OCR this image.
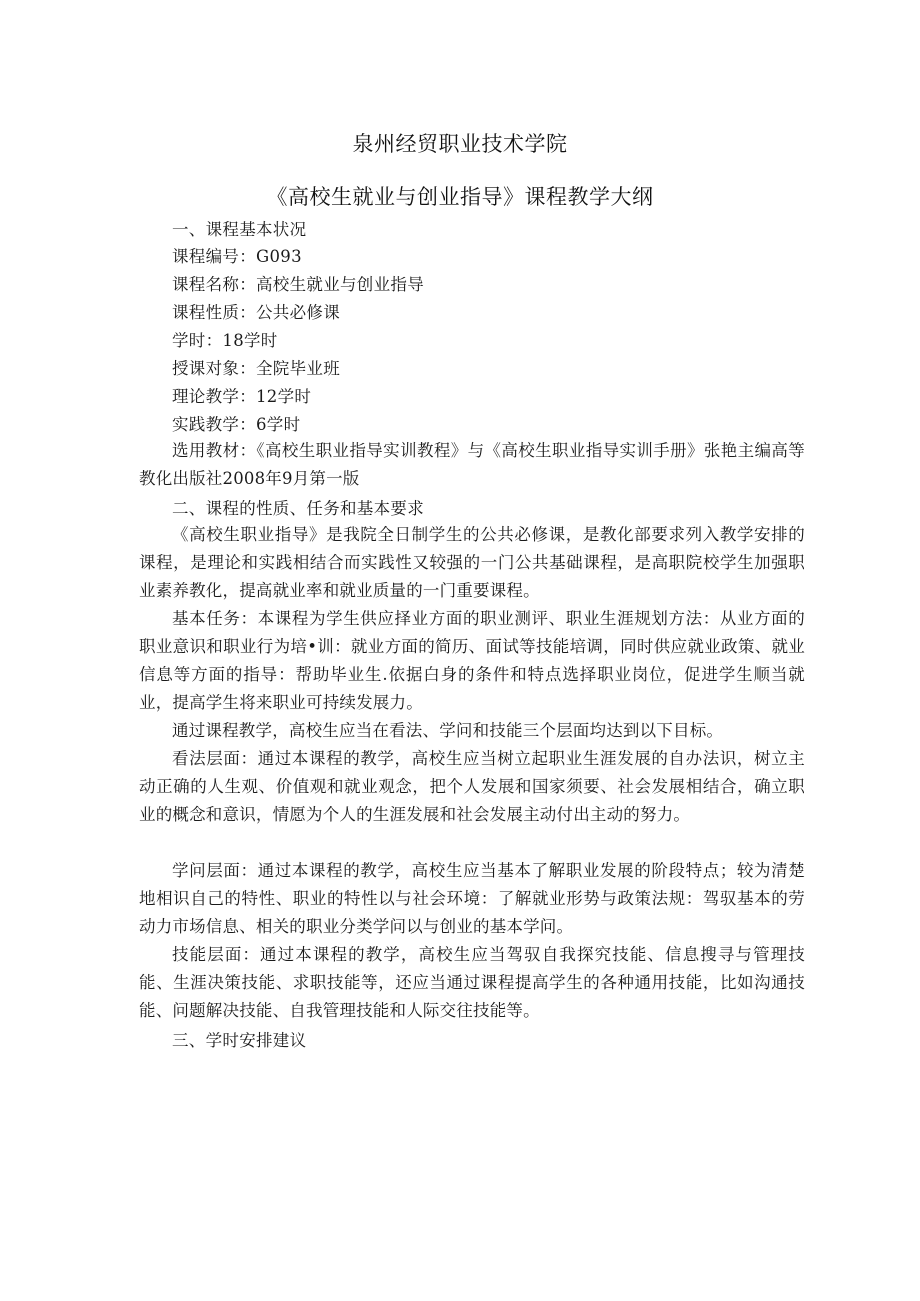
泉州经贸职业技术学院
《高校生就业与创业指导》课程教学大纲
一、课程基本状况
课程编号：G093
课程名称：高校生就业与创业指导
课程性质：公共必修课
学时：18学时
授课对象：全院毕业班
理论教学：12学时
实践教学：6学时
选用教材：《高校生职业指导实训教程》与《高校生职业指导实训手册》张艳主编高等教化出版社2008年9月第一版
二、课程的性质、任务和基本要求
《高校生职业指导》是我院全日制学生的公共必修课，是教化部要求列入教学安排的课程，是理论和实践相结合而实践性又较强的一门公共基础课程，是高职院校学生加强职业素养教化，提高就业率和就业质量的一门重要课程。
基本任务：本课程为学生供应择业方面的职业测评、职业生涯规划方法：从业方面的职业意识和职业行为培•训：就业方面的简历、面试等技能培调，同时供应就业政策、就业信息等方面的指导：帮助毕业生.依据白身的条件和特点选择职业岗位，促进学生顺当就业，提高学生将来职业可持续发展力。
通过课程教学，高校生应当在看法、学问和技能三个层面均达到以下目标。
看法层面：通过本课程的教学，高校生应当树立起职业生涯发展的自办法识，树立主动正确的人生观、价值观和就业观念，把个人发展和国家须要、社会发展相结合，确立职业的概念和意识，情愿为个人的生涯发展和社会发展主动付出主动的努力。
学问层面：通过本课程的教学，高校生应当基本了解职业发展的阶段特点；较为清楚地相识自己的特性、职业的特性以与社会环境：了解就业形势与政策法规：驾驭基本的劳动力市场信息、相关的职业分类学问以与创业的基本学问。
技能层面：通过本课程的教学，高校生应当驾驭自我探究技能、信息搜寻与管理技能、生涯决策技能、求职技能等，还应当通过课程提高学生的各种通用技能，比如沟通技能、问题解决技能、自我管理技能和人际交往技能等。
三、学时安排建议
